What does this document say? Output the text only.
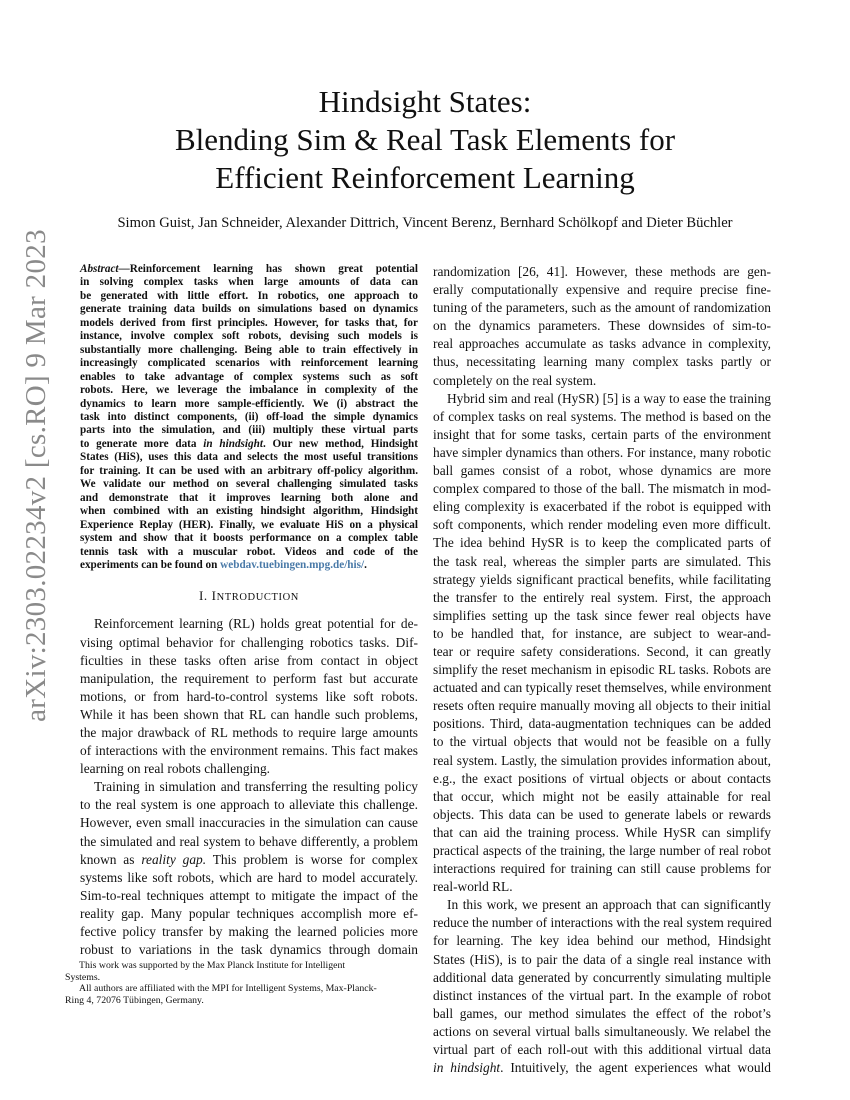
arXiv:2303.02234v2 [cs.RO] 9 Mar 2023
Hindsight States:
Blending Sim & Real Task Elements for
Efficient Reinforcement Learning
Simon Guist, Jan Schneider, Alexander Dittrich, Vincent Berenz, Bernhard Schölkopf and Dieter Büchler
Abstract—Reinforcement learning has shown great potential
in solving complex tasks when large amounts of data can
be generated with little effort. In robotics, one approach to
generate training data builds on simulations based on dynamics
models derived from first principles. However, for tasks that, for
instance, involve complex soft robots, devising such models is
substantially more challenging. Being able to train effectively in
increasingly complicated scenarios with reinforcement learning
enables to take advantage of complex systems such as soft
robots. Here, we leverage the imbalance in complexity of the
dynamics to learn more sample-efficiently. We (i) abstract the
task into distinct components, (ii) off-load the simple dynamics
parts into the simulation, and (iii) multiply these virtual parts
to generate more data in hindsight. Our new method, Hindsight
States (HiS), uses this data and selects the most useful transitions
for training. It can be used with an arbitrary off-policy algorithm.
We validate our method on several challenging simulated tasks
and demonstrate that it improves learning both alone and
when combined with an existing hindsight algorithm, Hindsight
Experience Replay (HER). Finally, we evaluate HiS on a physical
system and show that it boosts performance on a complex table
tennis task with a muscular robot. Videos and code of the
experiments can be found on webdav.tuebingen.mpg.de/his/.
I. INTRODUCTION
Reinforcement learning (RL) holds great potential for de-
vising optimal behavior for challenging robotics tasks. Dif-
ficulties in these tasks often arise from contact in object
manipulation, the requirement to perform fast but accurate
motions, or from hard-to-control systems like soft robots.
While it has been shown that RL can handle such problems,
the major drawback of RL methods to require large amounts
of interactions with the environment remains. This fact makes
learning on real robots challenging.
Training in simulation and transferring the resulting policy
to the real system is one approach to alleviate this challenge.
However, even small inaccuracies in the simulation can cause
the simulated and real system to behave differently, a problem
known as reality gap. This problem is worse for complex
systems like soft robots, which are hard to model accurately.
Sim-to-real techniques attempt to mitigate the impact of the
reality gap. Many popular techniques accomplish more ef-
fective policy transfer by making the learned policies more
robust to variations in the task dynamics through domain
This work was supported by the Max Planck Institute for Intelligent
Systems.
All authors are affiliated with the MPI for Intelligent Systems, Max-Planck-
Ring 4, 72076 Tübingen, Germany.
randomization [26, 41]. However, these methods are gen-
erally computationally expensive and require precise fine-
tuning of the parameters, such as the amount of randomization
on the dynamics parameters. These downsides of sim-to-
real approaches accumulate as tasks advance in complexity,
thus, necessitating learning many complex tasks partly or
completely on the real system.
Hybrid sim and real (HySR) [5] is a way to ease the training
of complex tasks on real systems. The method is based on the
insight that for some tasks, certain parts of the environment
have simpler dynamics than others. For instance, many robotic
ball games consist of a robot, whose dynamics are more
complex compared to those of the ball. The mismatch in mod-
eling complexity is exacerbated if the robot is equipped with
soft components, which render modeling even more difficult.
The idea behind HySR is to keep the complicated parts of
the task real, whereas the simpler parts are simulated. This
strategy yields significant practical benefits, while facilitating
the transfer to the entirely real system. First, the approach
simplifies setting up the task since fewer real objects have
to be handled that, for instance, are subject to wear-and-
tear or require safety considerations. Second, it can greatly
simplify the reset mechanism in episodic RL tasks. Robots are
actuated and can typically reset themselves, while environment
resets often require manually moving all objects to their initial
positions. Third, data-augmentation techniques can be added
to the virtual objects that would not be feasible on a fully
real system. Lastly, the simulation provides information about,
e.g., the exact positions of virtual objects or about contacts
that occur, which might not be easily attainable for real
objects. This data can be used to generate labels or rewards
that can aid the training process. While HySR can simplify
practical aspects of the training, the large number of real robot
interactions required for training can still cause problems for
real-world RL.
In this work, we present an approach that can significantly
reduce the number of interactions with the real system required
for learning. The key idea behind our method, Hindsight
States (HiS), is to pair the data of a single real instance with
additional data generated by concurrently simulating multiple
distinct instances of the virtual part. In the example of robot
ball games, our method simulates the effect of the robot’s
actions on several virtual balls simultaneously. We relabel the
virtual part of each roll-out with this additional virtual data
in hindsight. Intuitively, the agent experiences what would
